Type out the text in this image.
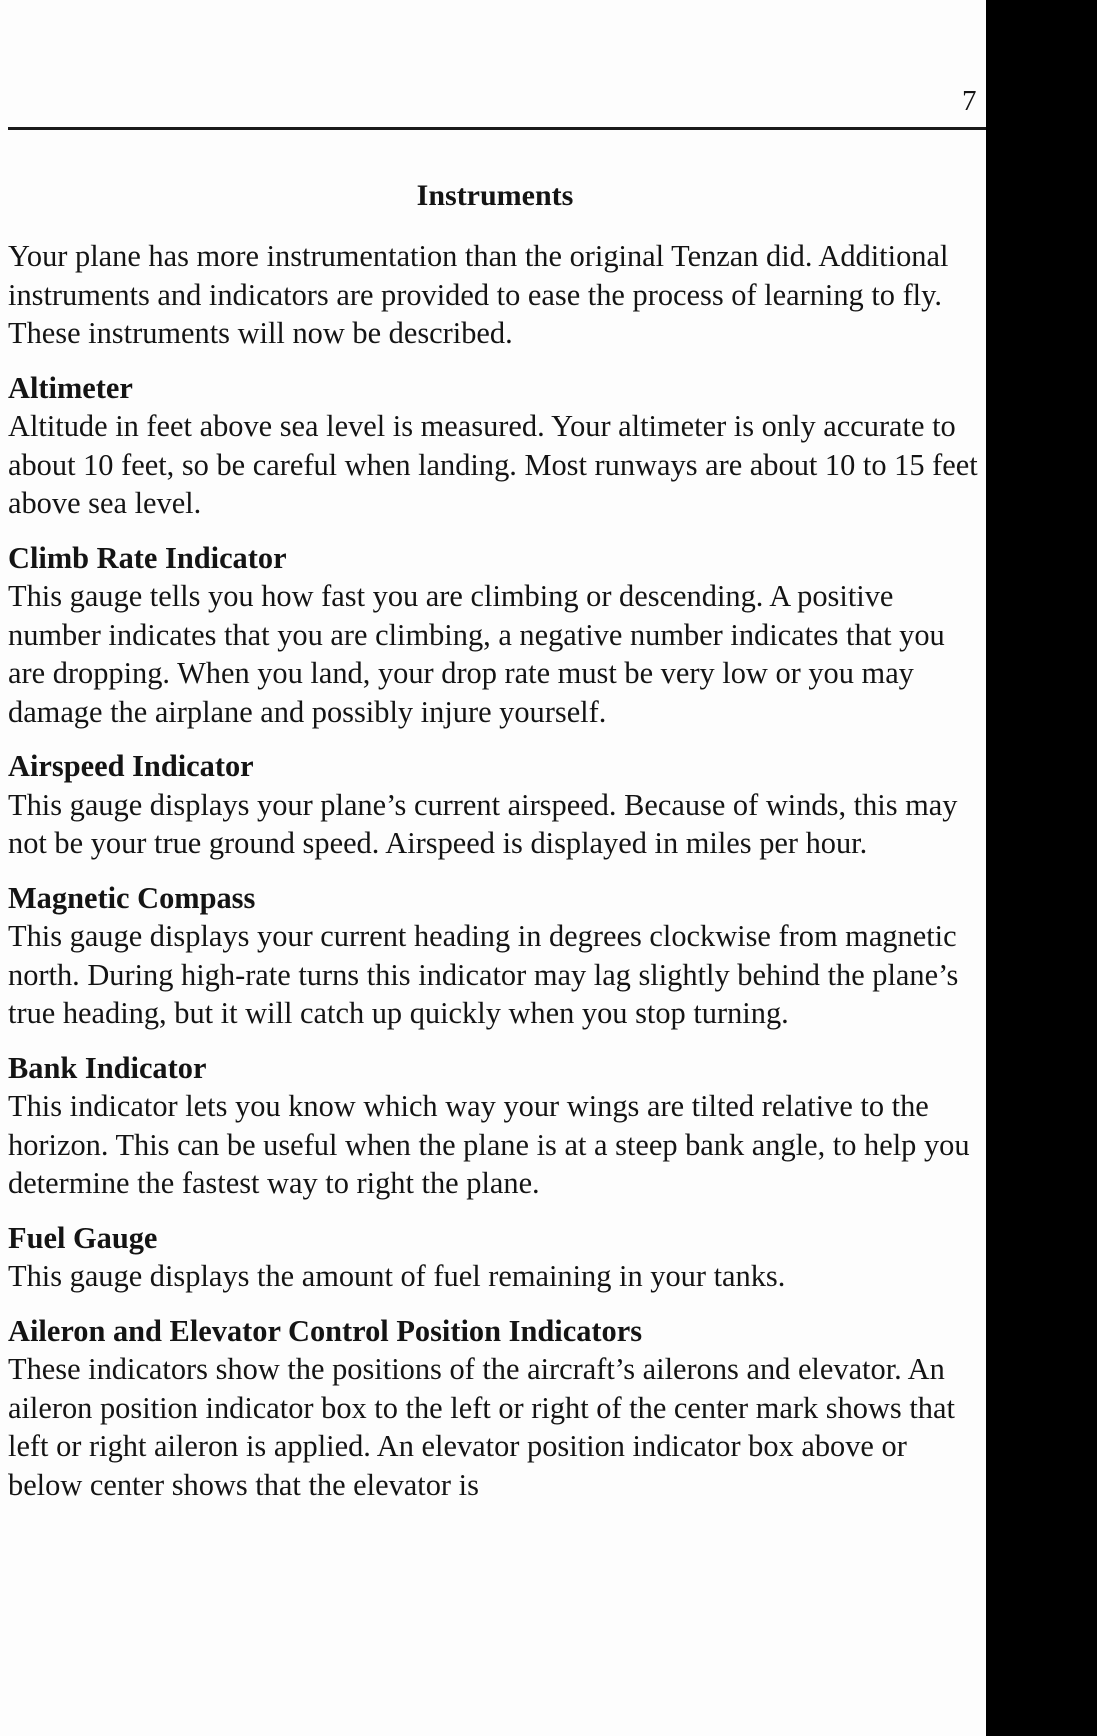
7
Instruments

Your plane has more instrumentation than the original Tenzan did. Additional instruments and indicators are provided to ease the process of learning to fly. These instruments will now be described.

Altimeter

Altitude in feet above sea level is measured. Your altimeter is only accurate to about 10 feet, so be careful when landing. Most runways are about 10 to 15 feet above sea level.

Climb Rate Indicator

This gauge tells you how fast you are climbing or descending. A positive number indicates that you are climbing, a negative number indicates that you are dropping. When you land, your drop rate must be very low or you may damage the airplane and possibly injure yourself.

Airspeed Indicator

This gauge displays your plane’s current airspeed. Because of winds, this may not be your true ground speed. Airspeed is displayed in miles per hour.

Magnetic Compass

This gauge displays your current heading in degrees clockwise from magnetic north. During high-rate turns this indicator may lag slightly behind the plane’s true heading, but it will catch up quickly when you stop turning.

Bank Indicator

This indicator lets you know which way your wings are tilted relative to the horizon. This can be useful when the plane is at a steep bank angle, to help you determine the fastest way to right the plane.

Fuel Gauge

This gauge displays the amount of fuel remaining in your tanks.

Aileron and Elevator Control Position Indicators

These indicators show the positions of the aircraft’s ailerons and elevator. An aileron position indicator box to the left or right of the center mark shows that left or right aileron is applied. An elevator position indicator box above or below center shows that the elevator is
